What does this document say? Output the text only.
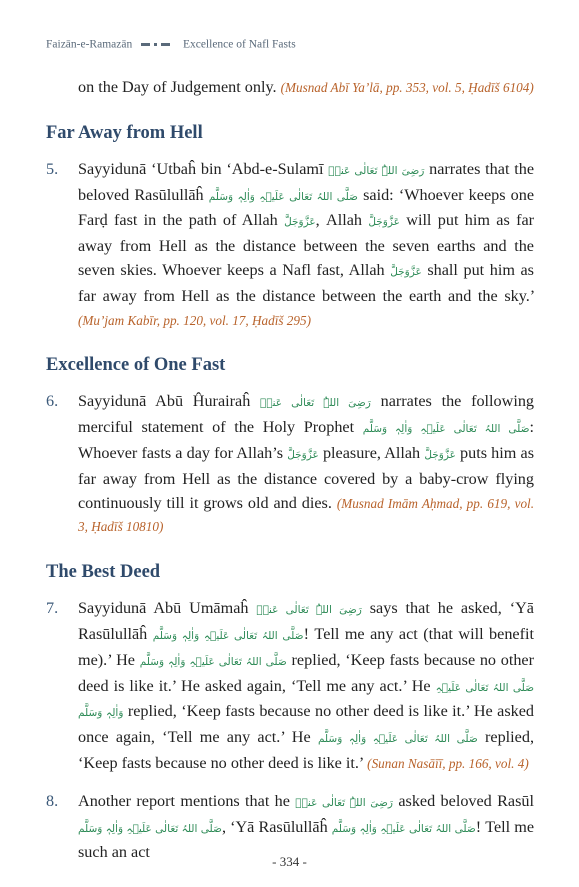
Faizān-e-Ramazān	Excellence of Nafl Fasts

on the Day of Judgement only. (Musnad Abī Ya’lā, pp. 353, vol. 5, Ḥadīš 6104)

Far Away from Hell
5.	Sayyidunā ‘Utbaĥ bin ‘Abd-e-Sulamī رَضِیَ اللہُ تَعَالٰی عَنۡہ narrates that the beloved Rasūlullāĥ صَلَّی اللہُ تَعَالٰی عَلَیۡہِ وَاٰلِہٖ وَسَلَّم said: ‘Whoever keeps one Farḍ fast in the path of Allah عَزَّوَجَلَّ, Allah عَزَّوَجَلَّ will put him as far away from Hell as the distance between the seven earths and the seven skies. Whoever keeps a Nafl fast, Allah عَزَّوَجَلَّ shall put him as far away from Hell as the distance between the earth and the sky.’ (Mu’jam Kabīr, pp. 120, vol. 17, Ḥadīš 295)
Excellence of One Fast
6.	Sayyidunā Abū Ĥurairaĥ رَضِیَ اللہُ تَعَالٰی عَنۡہ narrates the following merciful statement of the Holy Prophet صَلَّی اللہُ تَعَالٰی عَلَیۡہِ وَاٰلِہٖ وَسَلَّم: Whoever fasts a day for Allah’s عَزَّوَجَلَّ pleasure, Allah عَزَّوَجَلَّ puts him as far away from Hell as the distance covered by a baby-crow flying continuously till it grows old and dies. (Musnad Imām Aḥmad, pp. 619, vol. 3, Ḥadīš 10810)
The Best Deed
7.	Sayyidunā Abū Umāmaĥ رَضِیَ اللہُ تَعَالٰی عَنۡہ says that he asked, ‘Yā Rasūlullāĥ صَلَّی اللہُ تَعَالٰی عَلَیۡہِ وَاٰلِہٖ وَسَلَّم! Tell me any act (that will benefit me).’ He صَلَّی اللہُ تَعَالٰی عَلَیۡہِ وَاٰلِہٖ وَسَلَّم replied, ‘Keep fasts because no other deed is like it.’ He asked again, ‘Tell me any act.’ He صَلَّی اللہُ تَعَالٰی عَلَیۡہِ وَاٰلِہٖ وَسَلَّم replied, ‘Keep fasts because no other deed is like it.’ He asked once again, ‘Tell me any act.’ He صَلَّی اللہُ تَعَالٰی عَلَیۡہِ وَاٰلِہٖ وَسَلَّم replied, ‘Keep fasts because no other deed is like it.’ (Sunan Nasāīī, pp. 166, vol. 4)
8.	Another report mentions that he رَضِیَ اللہُ تَعَالٰی عَنۡہ asked beloved Rasūl صَلَّی اللہُ تَعَالٰی عَلَیۡہِ وَاٰلِہٖ وَسَلَّم, ‘Yā Rasūlullāĥ صَلَّی اللہُ تَعَالٰی عَلَیۡہِ وَاٰلِہٖ وَسَلَّم! Tell me such an act
- 334 -
